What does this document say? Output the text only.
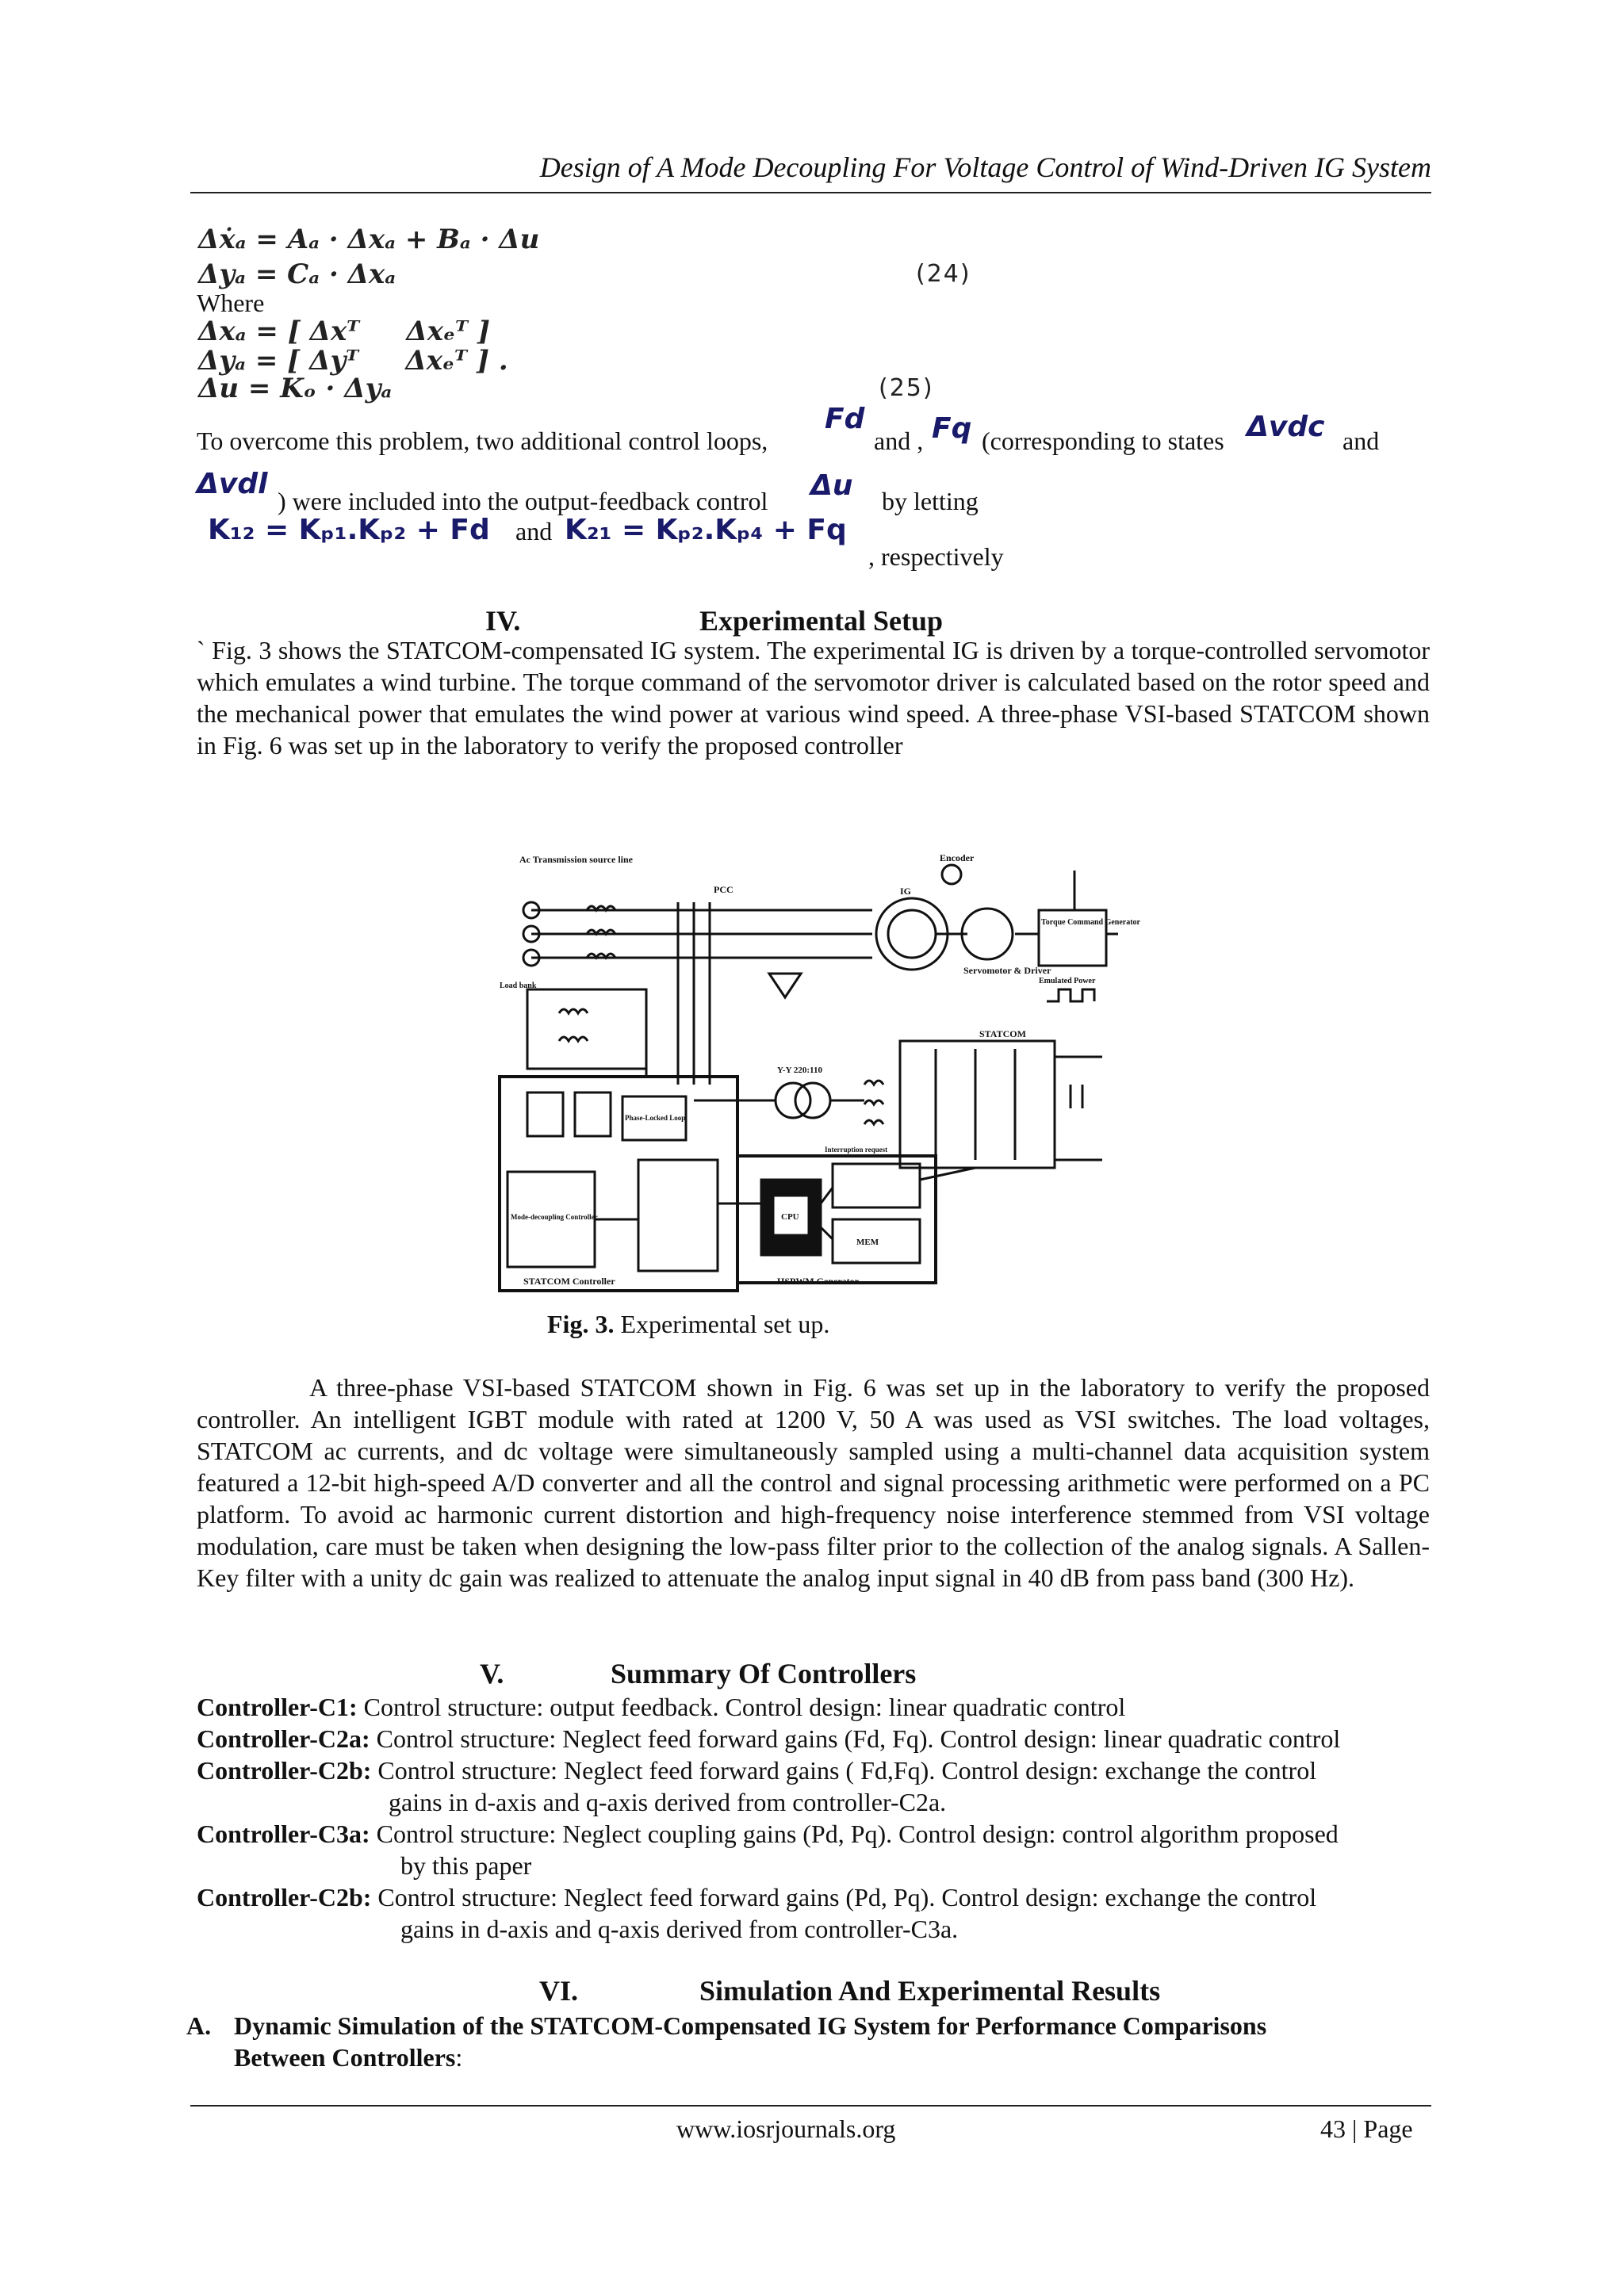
Design of A Mode Decoupling For Voltage Control of Wind-Driven IG System
Δẋₐ = Aₐ · Δxₐ + Bₐ · Δu
Δyₐ = Cₐ · Δxₐ	(24)
Where
Δxₐ = [ Δxᵀ     Δxₑᵀ ]
Δyₐ = [ Δyᵀ     Δxₑᵀ ] .
Δu = Kₒ · Δyₐ	(25)
To overcome this problem, two additional control loops,
Fd
and , Fq (corresponding to states Δvdc and
Δvdl
) were included into the output-feedback control Δu by letting
K₁₂ = Kₚ₁.Kₚ₂ + Fd and K₂₁ = Kₚ₂.Kₚ₄ + Fq
, respectively
IV.	Experimental Setup
` Fig. 3 shows the STATCOM-compensated IG system. The experimental IG is driven by a torque-controlled servomotor which emulates a wind turbine. The torque command of the servomotor driver is calculated based on the rotor speed and the mechanical power that emulates the wind power at various wind speed. A three-phase VSI-based STATCOM shown in Fig. 6 was set up in the laboratory to verify the proposed controller
Ac Transmission source line
PCC	IG
Encoder
Servomotor & Driver
Torque Command Generator
Emulated Power
Load bank
STATCOM
Y-Y 220:110
Phase-Locked Loop
Mode-decoupling Controller
Interruption request
CPU
MEM
STATCOM Controller	HSPWM Generator
Fig. 3. Experimental set up.
A three-phase VSI-based STATCOM shown in Fig. 6 was set up in the laboratory to verify the proposed controller. An intelligent IGBT module with rated at 1200 V, 50 A was used as VSI switches. The load voltages, STATCOM ac currents, and dc voltage were simultaneously sampled using a multi-channel data acquisition system featured a 12-bit high-speed A/D converter and all the control and signal processing arithmetic were performed on a PC platform. To avoid ac harmonic current distortion and high-frequency noise interference stemmed from VSI voltage modulation, care must be taken when designing the low-pass filter prior to the collection of the analog signals. A Sallen-Key filter with a unity dc gain was realized to attenuate the analog input signal in 40 dB from pass band (300 Hz).
V.	Summary Of Controllers
Controller-C1: Control structure: output feedback. Control design: linear quadratic control
Controller-C2a: Control structure: Neglect feed forward gains (Fd, Fq). Control design: linear quadratic control
Controller-C2b: Control structure: Neglect feed forward gains ( Fd,Fq). Control design: exchange the control
gains in d-axis and q-axis derived from controller-C2a.
Controller-C3a: Control structure: Neglect coupling gains (Pd, Pq). Control design: control algorithm proposed
by this paper
Controller-C2b: Control structure: Neglect feed forward gains (Pd, Pq). Control design: exchange the control
gains in d-axis and q-axis derived from controller-C3a.
VI.	Simulation And Experimental Results
A. Dynamic Simulation of the STATCOM-Compensated IG System for Performance Comparisons
Between Controllers:
www.iosrjournals.org	43 | Page
